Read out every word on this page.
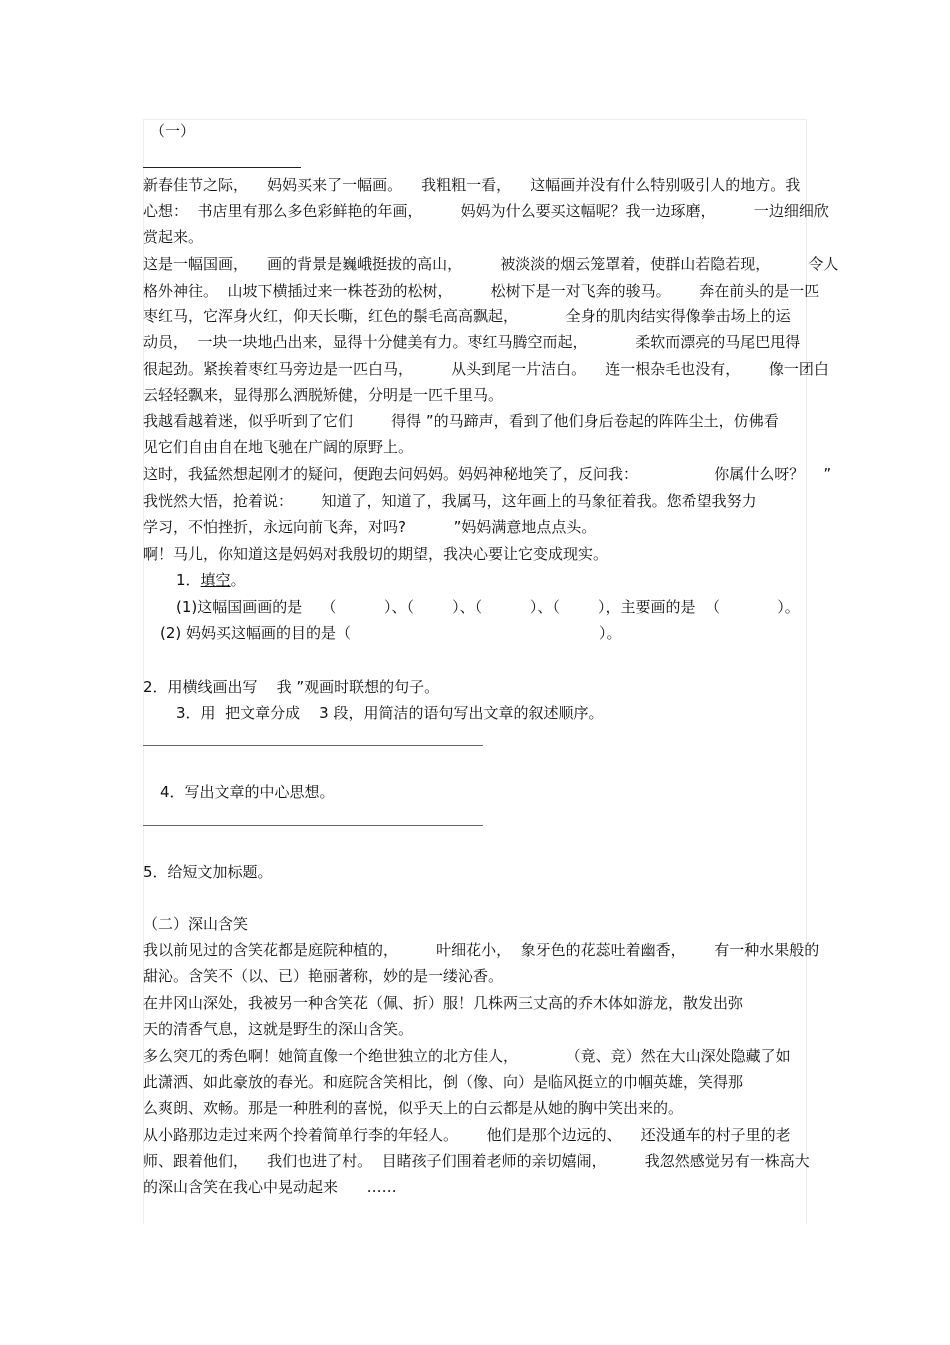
（一）
新春佳节之际，    妈妈买来了一幅画。    我粗粗一看，    这幅画并没有什么特别吸引人的地方。我
心想：  书店里有那么多色彩鲜艳的年画，        妈妈为什么要买这幅呢？我一边琢磨，        一边细细欣
赏起来。
这是一幅国画，    画的背景是巍峨挺拔的高山，        被淡淡的烟云笼罩着，使群山若隐若现，        令人
格外神往。  山坡下横插过来一株苍劲的松树，        松树下是一对飞奔的骏马。      奔在前头的是一匹
枣红马，它浑身火红，仰天长嘶，红色的鬃毛高高飘起，          全身的肌肉结实得像拳击场上的运
动员，  一块一块地凸出来，显得十分健美有力。枣红马腾空而起，          柔软而漂亮的马尾巴甩得
很起劲。紧挨着枣红马旁边是一匹白马，        从头到尾一片洁白。    连一根杂毛也没有，      像一团白
云轻轻飘来，显得那么洒脱矫健，分明是一匹千里马。
我越看越着迷，似乎听到了它们        得得 ”的马蹄声，看到了他们身后卷起的阵阵尘土，仿佛看
见它们自由自在地飞驰在广阔的原野上。
这时，我猛然想起刚才的疑问，便跑去问妈妈。妈妈神秘地笑了，反问我：                你属什么呀？    ”
我恍然大悟，抢着说：      知道了，知道了，我属马，这年画上的马象征着我。您希望我努力
学习，不怕挫折，永远向前飞奔，对吗?          ”妈妈满意地点点头。
啊！马儿，你知道这是妈妈对我殷切的期望，我决心要让它变成现实。
1．填空。
(1)这幅国画画的是    （          ）、（        ）、（          ）、（        ），主要画的是  （            ）。
(2) 妈妈买这幅画的目的是（                                                    ）。
2．用横线画出写    我 ”观画时联想的句子。
3．用  把文章分成    3 段，用简洁的语句写出文章的叙述顺序。
4．写出文章的中心思想。
5．给短文加标题。
（二）深山含笑
我以前见过的含笑花都是庭院种植的，        叶细花小，  象牙色的花蕊吐着幽香，      有一种水果般的
甜沁。含笑不（以、已）艳丽著称，妙的是一缕沁香。
在井冈山深处，我被另一种含笑花（佩、折）服！几株两三丈高的乔木体如游龙，散发出弥
天的清香气息，这就是野生的深山含笑。
多么突兀的秀色啊！她简直像一个绝世独立的北方佳人，          （竟、竞）然在大山深处隐藏了如
此潇洒、如此豪放的春光。和庭院含笑相比，倒（像、向）是临风挺立的巾帼英雄，笑得那
么爽朗、欢畅。那是一种胜利的喜悦，似乎天上的白云都是从她的胸中笑出来的。
从小路那边走过来两个拎着简单行李的年轻人。      他们是那个边远的、    还没通车的村子里的老
师、跟着他们，    我们也进了村。  目睹孩子们围着老师的亲切嬉闹，        我忽然感觉另有一株高大
的深山含笑在我心中晃动起来      ……
